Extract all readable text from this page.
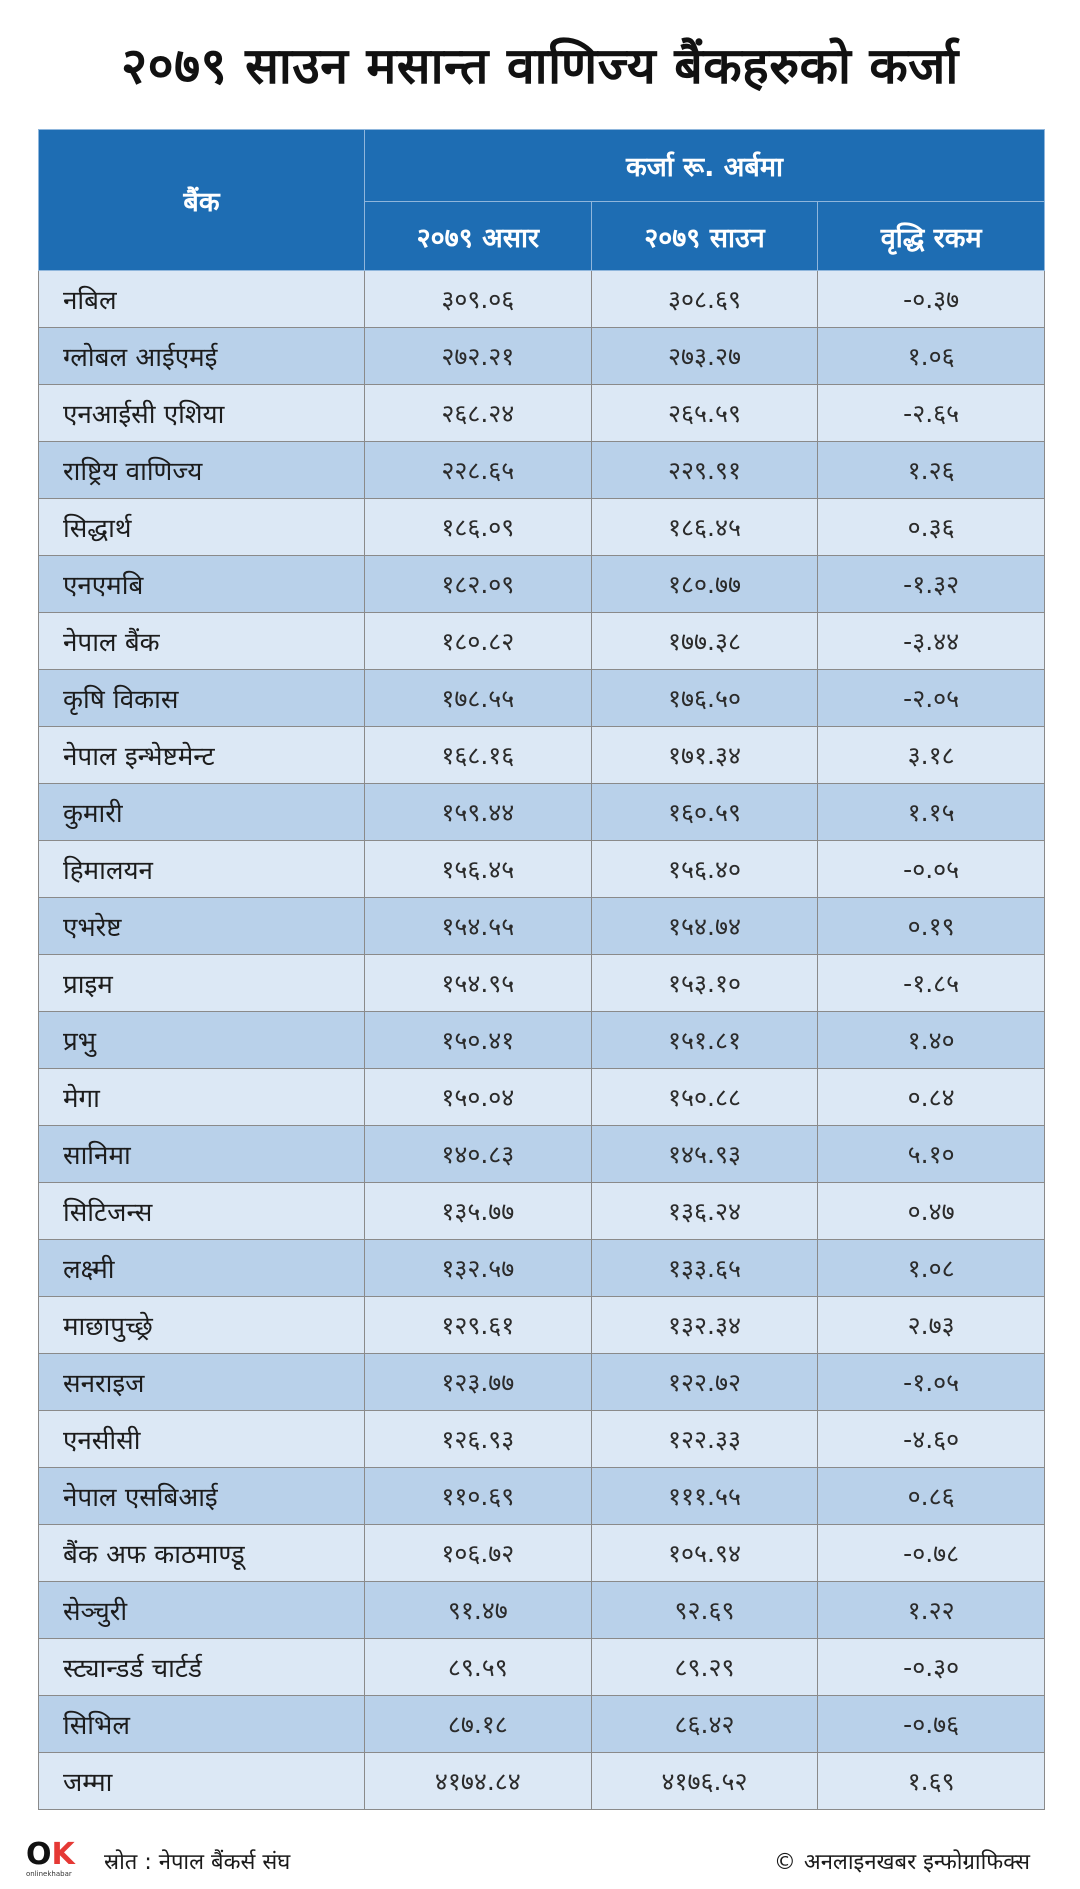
२०७९ साउन मसान्त वाणिज्य बैंकहरुको कर्जा
बैंक	कर्जा रू. अर्बमा		
	२०७९ असार	२०७९ साउन	वृद्धि रकम
नबिल	३०९.०६	३०८.६९	-०.३७
ग्लोबल आईएमई	२७२.२१	२७३.२७	१.०६
एनआईसी एशिया	२६८.२४	२६५.५९	-२.६५
राष्ट्रिय वाणिज्य	२२८.६५	२२९.९१	१.२६
सिद्धार्थ	१८६.०९	१८६.४५	०.३६
एनएमबि	१८२.०९	१८०.७७	-१.३२
नेपाल बैंक	१८०.८२	१७७.३८	-३.४४
कृषि विकास	१७८.५५	१७६.५०	-२.०५
नेपाल इन्भेष्टमेन्ट	१६८.१६	१७१.३४	३.१८
कुमारी	१५९.४४	१६०.५९	१.१५
हिमालयन	१५६.४५	१५६.४०	-०.०५
एभरेष्ट	१५४.५५	१५४.७४	०.१९
प्राइम	१५४.९५	१५३.१०	-१.८५
प्रभु	१५०.४१	१५१.८१	१.४०
मेगा	१५०.०४	१५०.८८	०.८४
सानिमा	१४०.८३	१४५.९३	५.१०
सिटिजन्स	१३५.७७	१३६.२४	०.४७
लक्ष्मी	१३२.५७	१३३.६५	१.०८
माछापुच्छ्रे	१२९.६१	१३२.३४	२.७३
सनराइज	१२३.७७	१२२.७२	-१.०५
एनसीसी	१२६.९३	१२२.३३	-४.६०
नेपाल एसबिआई	११०.६९	१११.५५	०.८६
बैंक अफ काठमाण्डू	१०६.७२	१०५.९४	-०.७८
सेञ्चुरी	९१.४७	९२.६९	१.२२
स्ट्यान्डर्ड चार्टर्ड	८९.५९	८९.२९	-०.३०
सिभिल	८७.१८	८६.४२	-०.७६
जम्मा	४१७४.८४	४१७६.५२	१.६९
OK
onlinekhabar स्रोत : नेपाल बैंकर्स संघ	© अनलाइनखबर इन्फोग्राफिक्स
